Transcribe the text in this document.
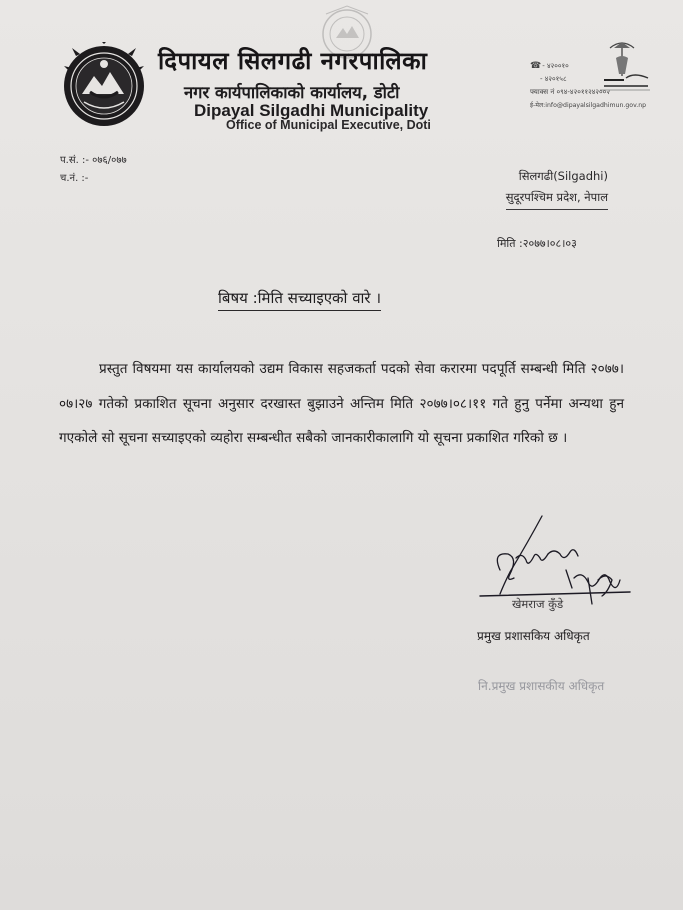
दिपायल सिलगढी नगरपालिका
नगर कार्यपालिकाको कार्यालय, डोटी
Dipayal Silgadhi Municipality
Office of Municipal Executive, Doti
☎ - ४२००१०
- ४२०१५८
फ्याक्स नं ०९४-४२०११२४२००२
ई-मेल:info@dipayalsilgadhimun.gov.np
प.सं. :- ०७६/०७७
च.नं. :-	सिलगढी(Silgadhi)
सुदूरपश्चिम प्रदेश, नेपाल
मिति :२०७७।०८।०३
बिषय :मिति सच्याइएको वारे ।
प्रस्तुत विषयमा यस कार्यालयको उद्यम विकास सहजकर्ता पदको सेवा करारमा पदपूर्ति सम्बन्धी मिति २०७७।०७।२७ गतेको प्रकाशित सूचना अनुसार दरखास्त बुझाउने अन्तिम मिति २०७७।०८।११ गते हुनु पर्नेमा अन्यथा हुन गएकोले सो सूचना सच्याइएको व्यहोरा सम्बन्धीत सबैको जानकारीकालागि यो सूचना प्रकाशित गरिको छ ।
खेमराज कुँडे
प्रमुख प्रशासकिय अधिकृत
नि.प्रमुख प्रशासकीय अधिकृत
